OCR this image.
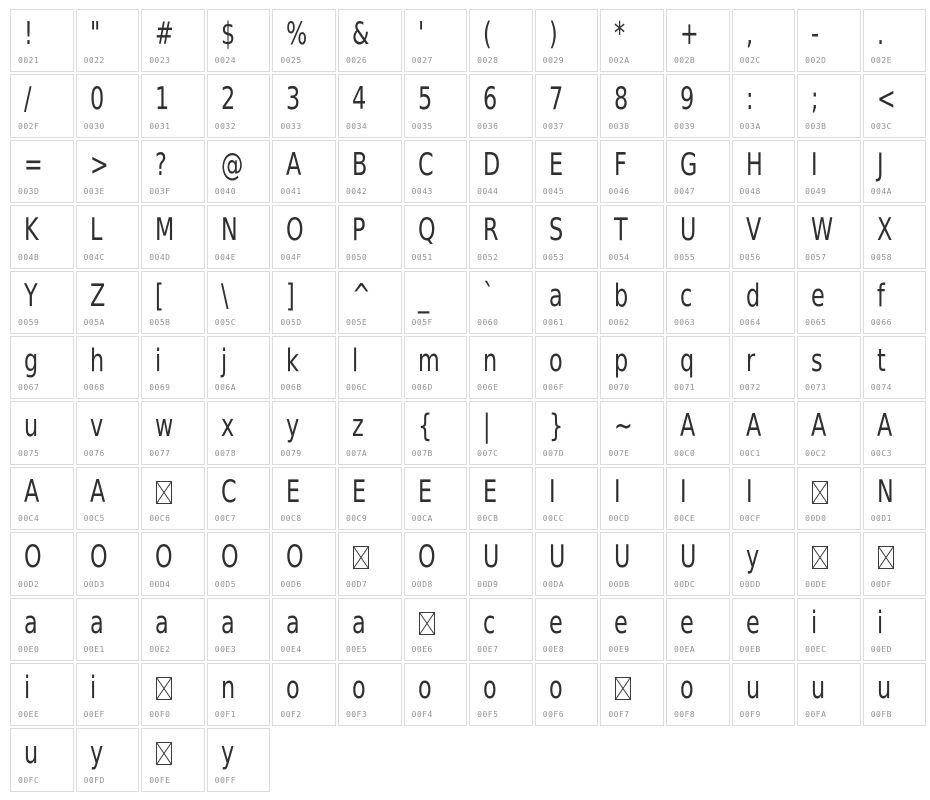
!
0021
"
0022
#
0023
$
0024
%
0025
&
0026
'
0027
(
0028
)
0029
*
002A
+
002B
,
002C
-
002D
.
002E
/
002F
0
0030
1
0031
2
0032
3
0033
4
0034
5
0035
6
0036
7
0037
8
0038
9
0039
:
003A
;
003B
<
003C
=
003D
>
003E
?
003F
@
0040
A
0041
B
0042
C
0043
D
0044
E
0045
F
0046
G
0047
H
0048
I
0049
J
004A
K
004B
L
004C
M
004D
N
004E
O
004F
P
0050
Q
0051
R
0052
S
0053
T
0054
U
0055
V
0056
W
0057
X
0058
Y
0059
Z
005A
[
005B
\
005C
]
005D
^
005E
_
005F
`
0060
a
0061
b
0062
c
0063
d
0064
e
0065
f
0066
g
0067
h
0068
i
0069
j
006A
k
006B
l
006C
m
006D
n
006E
o
006F
p
0070
q
0071
r
0072
s
0073
t
0074
u
0075
v
0076
w
0077
x
0078
y
0079
z
007A
{
007B
|
007C
}
007D
~
007E
A
00C0
A
00C1
A
00C2
A
00C3
A
00C4
A
00C5	00C6
C
00C7
E
00C8
E
00C9
E
00CA
E
00CB
I
00CC
I
00CD
I
00CE
I
00CF	00D0
N
00D1
O
00D2
O
00D3
O
00D4
O
00D5
O
00D6	00D7
O
00D8
U
00D9
U
00DA
U
00DB
U
00DC
y
00DD	00DE	00DF
a
00E0
a
00E1
a
00E2
a
00E3
a
00E4
a
00E5	00E6
c
00E7
e
00E8
e
00E9
e
00EA
e
00EB
i
00EC
i
00ED
i
00EE
i
00EF	00F0
n
00F1
o
00F2
o
00F3
o
00F4
o
00F5
o
00F6	00F7
o
00F8
u
00F9
u
00FA
u
00FB
u
00FC
y
00FD	00FE
y
00FF
